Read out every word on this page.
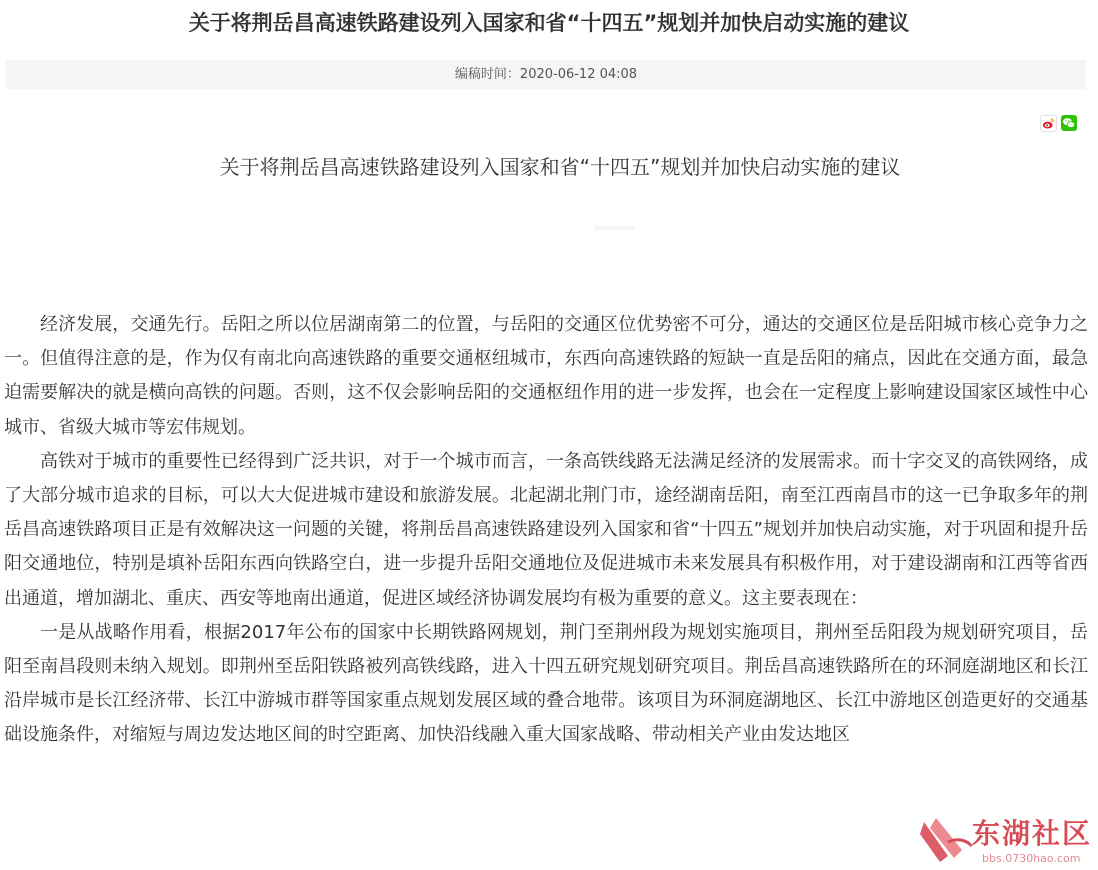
关于将荆岳昌高速铁路建设列入国家和省“十四五”规划并加快启动实施的建议
编稿时间：2020-06-12 04:08
关于将荆岳昌高速铁路建设列入国家和省“十四五”规划并加快启动实施的建议

经济发展，交通先行。岳阳之所以位居湖南第二的位置，与岳阳的交通区位优势密不可分，通达的交通区位是岳阳城市核心竞争力之一。但值得注意的是，作为仅有南北向高速铁路的重要交通枢纽城市，东西向高速铁路的短缺一直是岳阳的痛点，因此在交通方面，最急迫需要解决的就是横向高铁的问题。否则，这不仅会影响岳阳的交通枢纽作用的进一步发挥，也会在一定程度上影响建设国家区域性中心城市、省级大城市等宏伟规划。

高铁对于城市的重要性已经得到广泛共识，对于一个城市而言，一条高铁线路无法满足经济的发展需求。而十字交叉的高铁网络，成了大部分城市追求的目标，可以大大促进城市建设和旅游发展。北起湖北荆门市，途经湖南岳阳，南至江西南昌市的这一已争取多年的荆岳昌高速铁路项目正是有效解决这一问题的关键，将荆岳昌高速铁路建设列入国家和省“十四五”规划并加快启动实施，对于巩固和提升岳阳交通地位，特别是填补岳阳东西向铁路空白，进一步提升岳阳交通地位及促进城市未来发展具有积极作用，对于建设湖南和江西等省西出通道，增加湖北、重庆、西安等地南出通道，促进区域经济协调发展均有极为重要的意义。这主要表现在：

一是从战略作用看，根据2017年公布的国家中长期铁路网规划，荆门至荆州段为规划实施项目，荆州至岳阳段为规划研究项目，岳阳至南昌段则未纳入规划。即荆州至岳阳铁路被列高铁线路，进入十四五研究规划研究项目。荆岳昌高速铁路所在的环洞庭湖地区和长江沿岸城市是长江经济带、长江中游城市群等国家重点规划发展区域的叠合地带。该项目为环洞庭湖地区、长江中游地区创造更好的交通基础设施条件，对缩短与周边发达地区间的时空距离、加快沿线融入重大国家战略、带动相关产业由发达地区

东湖社区
bbs.0730hao.com
